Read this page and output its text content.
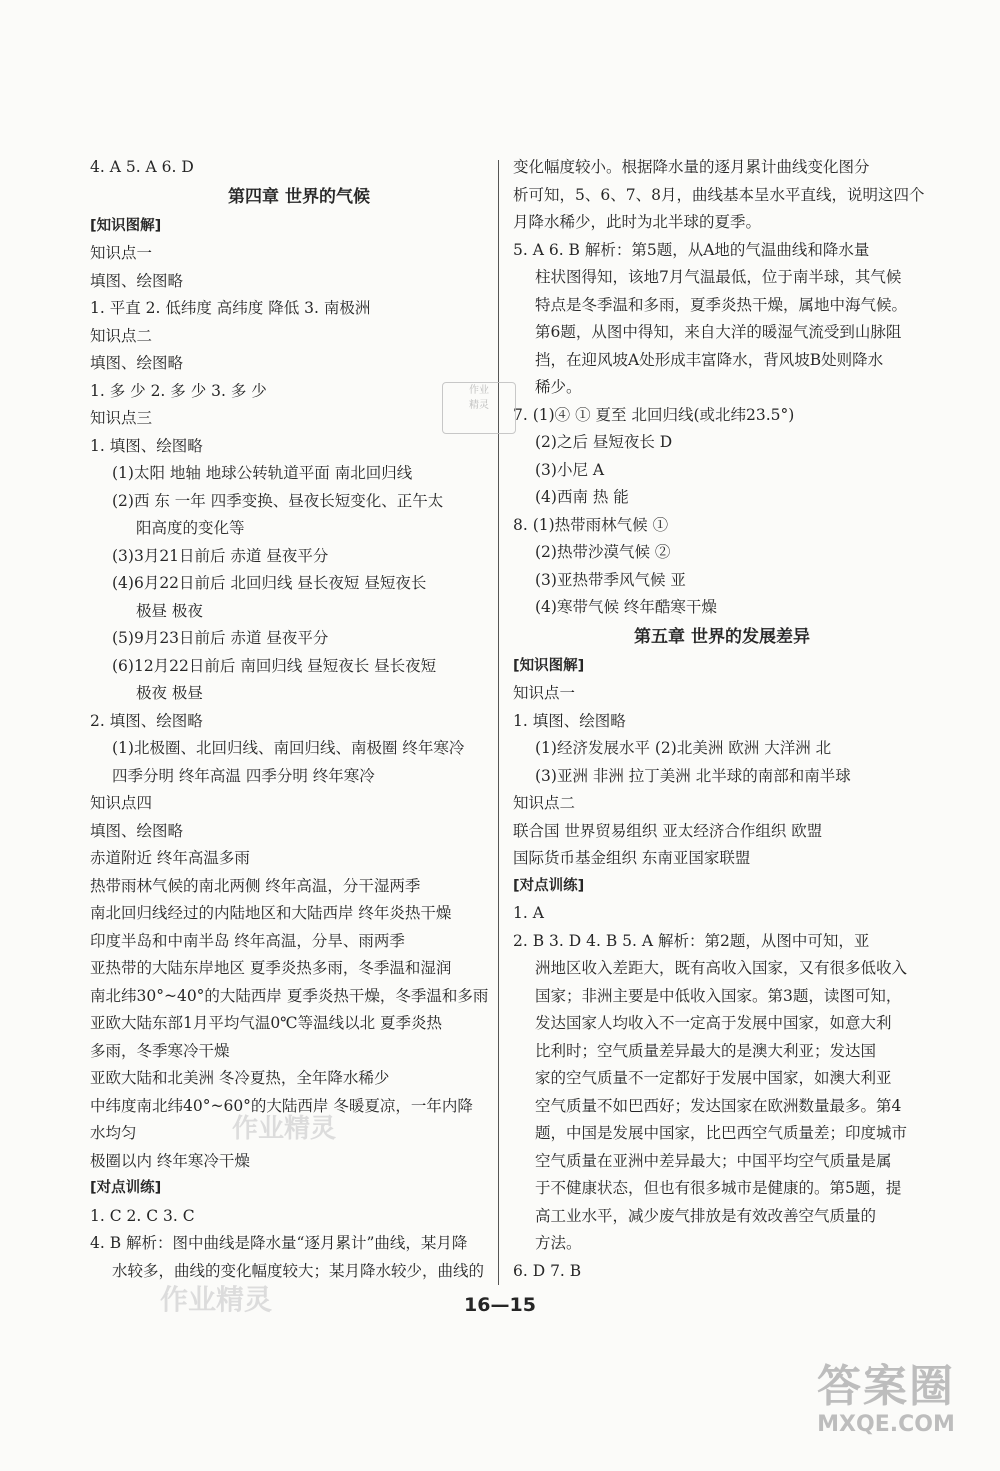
4. A 5. A 6. D
第四章 世界的气候
[知识图解]
知识点一
填图、绘图略
1. 平直 2. 低纬度 高纬度 降低 3. 南极洲
知识点二
填图、绘图略
1. 多 少 2. 多 少 3. 多 少
知识点三
1. 填图、绘图略
(1)太阳 地轴 地球公转轨道平面 南北回归线
(2)西 东 一年 四季变换、昼夜长短变化、正午太
阳高度的变化等
(3)3月21日前后 赤道 昼夜平分
(4)6月22日前后 北回归线 昼长夜短 昼短夜长
极昼 极夜
(5)9月23日前后 赤道 昼夜平分
(6)12月22日前后 南回归线 昼短夜长 昼长夜短
极夜 极昼
2. 填图、绘图略
(1)北极圈、北回归线、南回归线、南极圈 终年寒冷
四季分明 终年高温 四季分明 终年寒冷
知识点四
填图、绘图略
赤道附近 终年高温多雨
热带雨林气候的南北两侧 终年高温，分干湿两季
南北回归线经过的内陆地区和大陆西岸 终年炎热干燥
印度半岛和中南半岛 终年高温，分旱、雨两季
亚热带的大陆东岸地区 夏季炎热多雨，冬季温和湿润
南北纬30°~40°的大陆西岸 夏季炎热干燥，冬季温和多雨
亚欧大陆东部1月平均气温0℃等温线以北 夏季炎热
多雨，冬季寒冷干燥
亚欧大陆和北美洲 冬冷夏热，全年降水稀少
中纬度南北纬40°~60°的大陆西岸 冬暖夏凉，一年内降
水均匀
极圈以内 终年寒冷干燥
[对点训练]
1. C 2. C 3. C
4. B 解析：图中曲线是降水量“逐月累计”曲线，某月降
水较多，曲线的变化幅度较大；某月降水较少，曲线的
变化幅度较小。根据降水量的逐月累计曲线变化图分
析可知，5、6、7、8月，曲线基本呈水平直线，说明这四个
月降水稀少，此时为北半球的夏季。
5. A 6. B 解析：第5题，从A地的气温曲线和降水量
柱状图得知，该地7月气温最低，位于南半球，其气候
特点是冬季温和多雨，夏季炎热干燥，属地中海气候。
第6题，从图中得知，来自大洋的暖湿气流受到山脉阻
挡，在迎风坡A处形成丰富降水，背风坡B处则降水
稀少。
7. (1)④ ① 夏至 北回归线(或北纬23.5°)
(2)之后 昼短夜长 D
(3)小尼 A
(4)西南 热 能
8. (1)热带雨林气候 ①
(2)热带沙漠气候 ②
(3)亚热带季风气候 亚
(4)寒带气候 终年酷寒干燥
第五章 世界的发展差异
[知识图解]
知识点一
1. 填图、绘图略
(1)经济发展水平 (2)北美洲 欧洲 大洋洲 北
(3)亚洲 非洲 拉丁美洲 北半球的南部和南半球
知识点二
联合国 世界贸易组织 亚太经济合作组织 欧盟
国际货币基金组织 东南亚国家联盟
[对点训练]
1. A
2. B 3. D 4. B 5. A 解析：第2题，从图中可知，亚
洲地区收入差距大，既有高收入国家，又有很多低收入
国家；非洲主要是中低收入国家。第3题，读图可知，
发达国家人均收入不一定高于发展中国家，如意大利
比利时；空气质量差异最大的是澳大利亚；发达国
家的空气质量不一定都好于发展中国家，如澳大利亚
空气质量不如巴西好；发达国家在欧洲数量最多。第4
题，中国是发展中国家，比巴西空气质量差；印度城市
空气质量在亚洲中差异最大；中国平均空气质量是属
于不健康状态，但也有很多城市是健康的。第5题，提
高工业水平，减少废气排放是有效改善空气质量的
方法。
6. D 7. B
作业
精灵
作业精灵
作业精灵	16—15
答案圈
MXQE.COM
